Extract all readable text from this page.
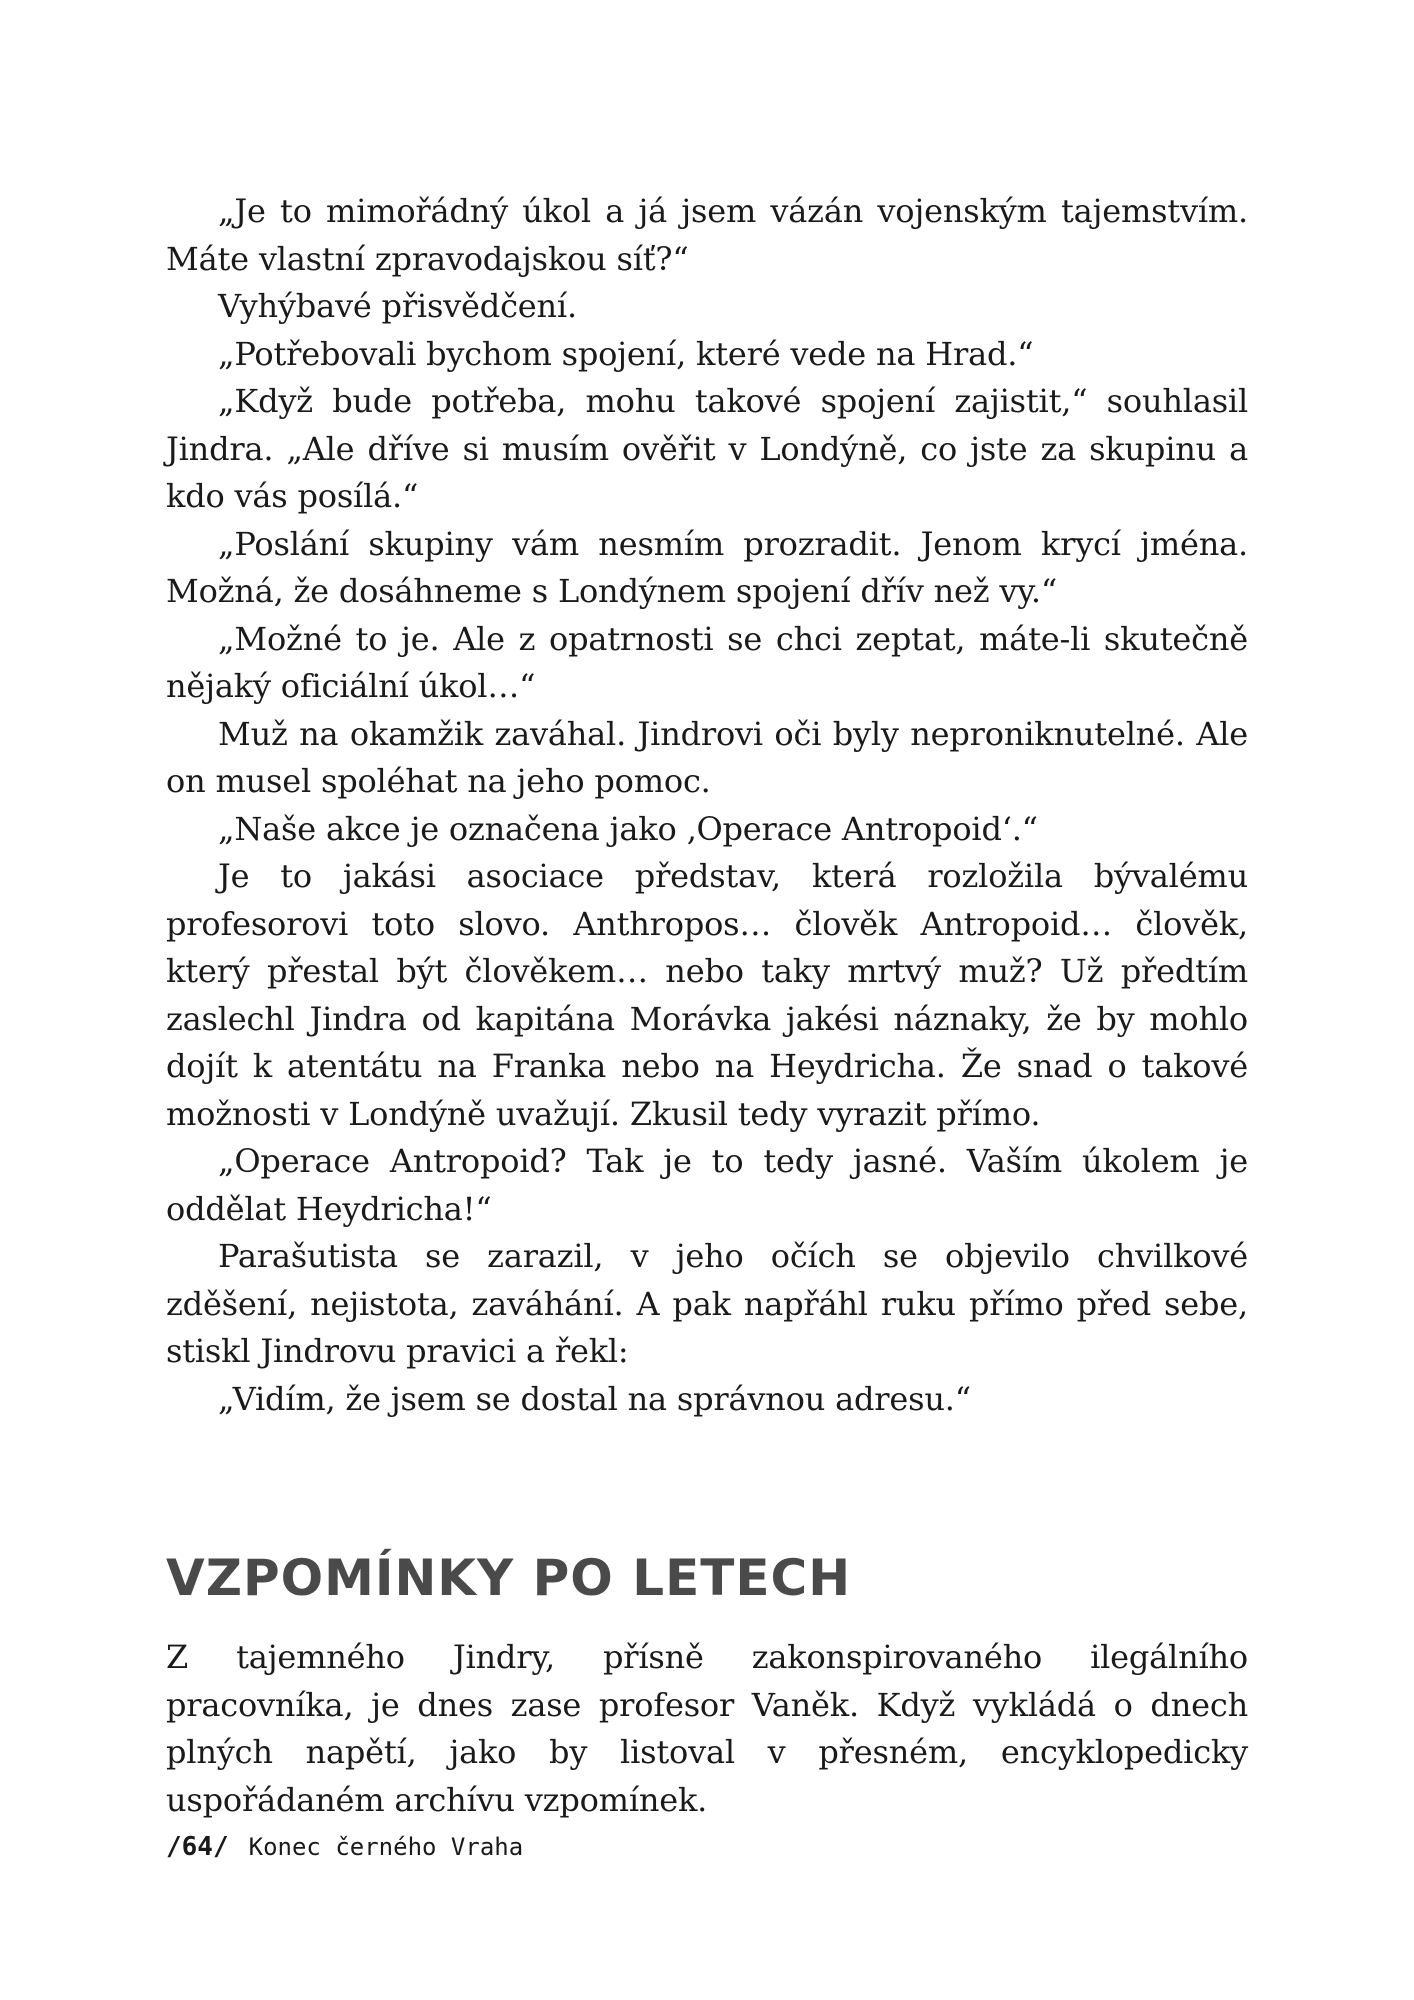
„Je to mimořádný úkol a já jsem vázán vojenským tajemstvím. Máte vlastní zpravodajskou síť?“

Vyhýbavé přisvědčení.

„Potřebovali bychom spojení, které vede na Hrad.“

„Když bude potřeba, mohu takové spojení zajistit,“ souhlasil Jindra. „Ale dříve si musím ověřit v Londýně, co jste za skupinu a kdo vás posílá.“

„Poslání skupiny vám nesmím prozradit. Jenom krycí jména. Možná, že dosáhneme s Londýnem spojení dřív než vy.“

„Možné to je. Ale z opatrnosti se chci zeptat, máte-li skutečně nějaký oficiální úkol…“

Muž na okamžik zaváhal. Jindrovi oči byly neproniknutelné. Ale on musel spoléhat na jeho pomoc.

„Naše akce je označena jako ‚Operace Antropoid‘.“

Je to jakási asociace představ, která rozložila bývalému profesorovi toto slovo. Anthropos… člověk Antropoid… člověk, který přestal být člověkem… nebo taky mrtvý muž? Už předtím zaslechl Jindra od kapitána Morávka jakési náznaky, že by mohlo dojít k atentátu na Franka nebo na Heydricha. Že snad o takové možnosti v Londýně uvažují. Zkusil tedy vyrazit přímo.

„Operace Antropoid? Tak je to tedy jasné. Vaším úkolem je oddělat Heydricha!“

Parašutista se zarazil, v jeho očích se objevilo chvilkové zděšení, nejistota, zaváhání. A pak napřáhl ruku přímo před sebe, stiskl Jindrovu pravici a řekl:

„Vidím, že jsem se dostal na správnou adresu.“

VZPOMÍNKY PO LETECH

Z tajemného Jindry, přísně zakonspirovaného ilegálního pracovníka, je dnes zase profesor Vaněk. Když vykládá o dnech plných napětí, jako by listoval v přesném, encyklopedicky uspořádaném archívu vzpomínek.

/64/ Konec černého Vraha
